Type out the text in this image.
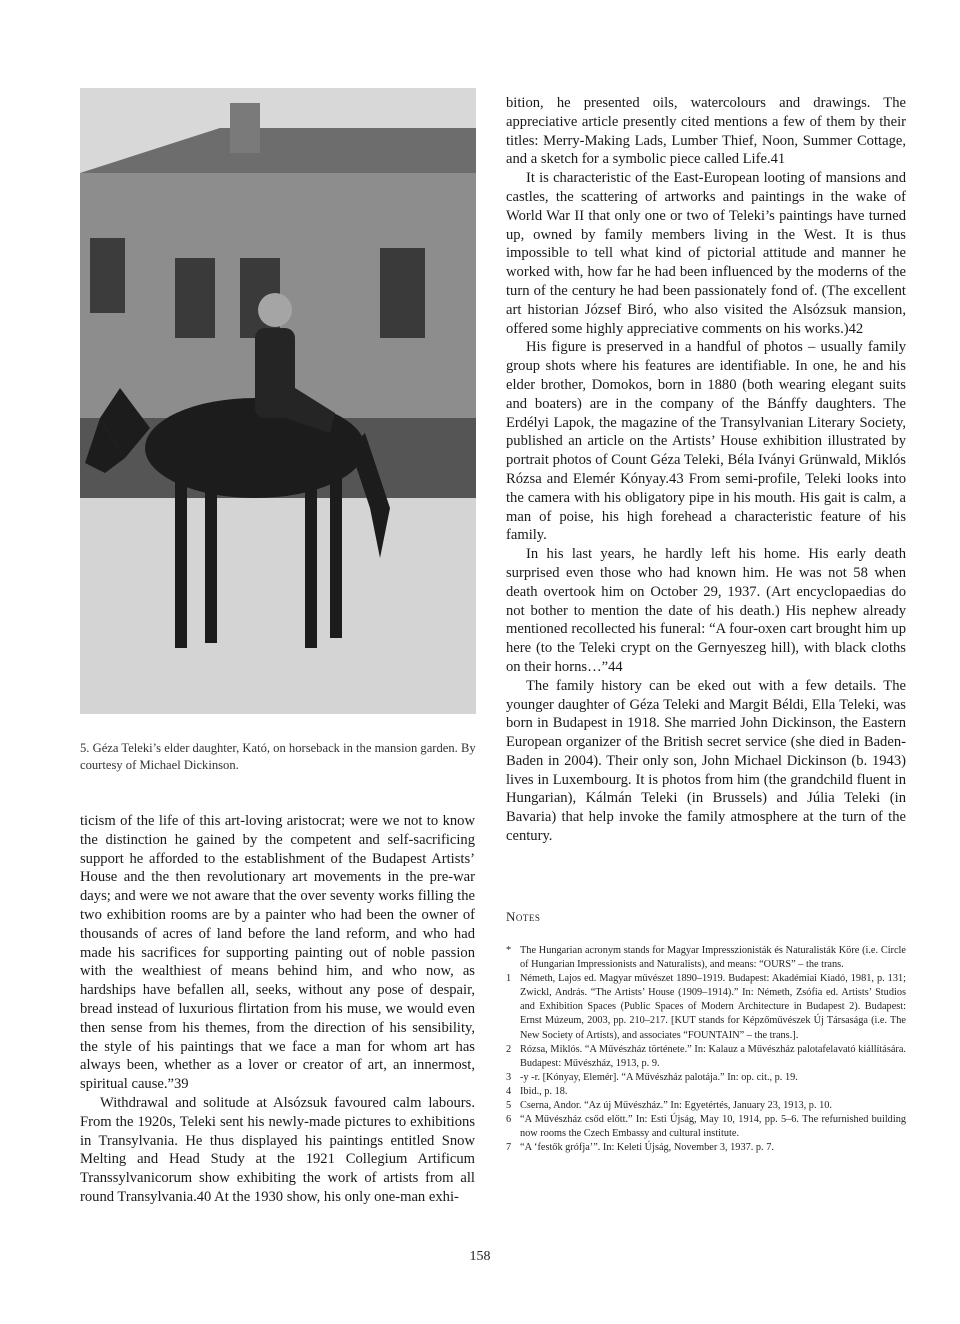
5. Géza Teleki’s elder daughter, Kató, on horseback in the mansion garden. By courtesy of Michael Dickinson.

ticism of the life of this art-loving aristocrat; were we not to know the distinction he gained by the competent and self-sacrificing support he afforded to the establishment of the Budapest Artists’ House and the then revolutionary art movements in the pre-war days; and were we not aware that the over seventy works filling the two exhibition rooms are by a painter who had been the owner of thousands of acres of land before the land reform, and who had made his sacrifices for supporting painting out of noble passion with the wealthiest of means behind him, and who now, as hardships have befallen all, seeks, without any pose of despair, bread instead of luxurious flirtation from his muse, we would even then sense from his themes, from the direction of his sensibility, the style of his paintings that we face a man for whom art has always been, whether as a lover or creator of art, an innermost, spiritual cause.”39

Withdrawal and solitude at Alsózsuk favoured calm labours. From the 1920s, Teleki sent his newly-made pictures to exhibitions in Transylvania. He thus displayed his paintings entitled Snow Melting and Head Study at the 1921 Collegium Artificum Transsylvanicorum show exhibiting the work of artists from all round Transylvania.40 At the 1930 show, his only one-man exhi-

bition, he presented oils, watercolours and drawings. The appreciative article presently cited mentions a few of them by their titles: Merry-Making Lads, Lumber Thief, Noon, Summer Cottage, and a sketch for a symbolic piece called Life.41

It is characteristic of the East-European looting of mansions and castles, the scattering of artworks and paintings in the wake of World War II that only one or two of Teleki’s paintings have turned up, owned by family members living in the West. It is thus impossible to tell what kind of pictorial attitude and manner he worked with, how far he had been influenced by the moderns of the turn of the century he had been passionately fond of. (The excellent art historian József Biró, who also visited the Alsózsuk mansion, offered some highly appreciative comments on his works.)42

His figure is preserved in a handful of photos – usually family group shots where his features are identifiable. In one, he and his elder brother, Domokos, born in 1880 (both wearing elegant suits and boaters) are in the company of the Bánffy daughters. The Erdélyi Lapok, the magazine of the Transylvanian Literary Society, published an article on the Artists’ House exhibition illustrated by portrait photos of Count Géza Teleki, Béla Iványi Grünwald, Miklós Rózsa and Elemér Kónyay.43 From semi-profile, Teleki looks into the camera with his obligatory pipe in his mouth. His gait is calm, a man of poise, his high forehead a characteristic feature of his family.

In his last years, he hardly left his home. His early death surprised even those who had known him. He was not 58 when death overtook him on October 29, 1937. (Art encyclopaedias do not bother to mention the date of his death.) His nephew already mentioned recollected his funeral: “A four-oxen cart brought him up here (to the Teleki crypt on the Gernyeszeg hill), with black cloths on their horns…”44

The family history can be eked out with a few details. The younger daughter of Géza Teleki and Margit Béldi, Ella Teleki, was born in Budapest in 1918. She married John Dickinson, the Eastern European organizer of the British secret service (she died in Baden-Baden in 2004). Their only son, John Michael Dickinson (b. 1943) lives in Luxembourg. It is photos from him (the grandchild fluent in Hungarian), Kálmán Teleki (in Brussels) and Júlia Teleki (in Bavaria) that help invoke the family atmosphere at the turn of the century.

Notes
* The Hungarian acronym stands for Magyar Impresszionisták és Naturalisták Köre (i.e. Circle of Hungarian Impressionists and Naturalists), and means: “OURS” – the trans.
1 Németh, Lajos ed. Magyar művészet 1890–1919. Budapest: Akadémiai Kiadó, 1981, p. 131; Zwickl, András. “The Artists’ House (1909–1914).” In: Németh, Zsófia ed. Artists’ Studios and Exhibition Spaces (Public Spaces of Modern Architecture in Budapest 2). Budapest: Ernst Múzeum, 2003, pp. 210–217. [KUT stands for Képzőművészek Új Társasága (i.e. The New Society of Artists), and associates “FOUNTAIN” – the trans.].
2 Rózsa, Miklós. “A Művészház története.” In: Kalauz a Művészház palotafelavató kiállítására. Budapest: Művészház, 1913, p. 9.
3 -y -r. [Kónyay, Elemér]. “A Művészház palotája.” In: op. cit., p. 19.
4 Ibid., p. 18.
5 Cserna, Andor. “Az új Művészház.” In: Egyetértés, January 23, 1913, p. 10.
6 “A Művészház csőd előtt.” In: Esti Újság, May 10, 1914, pp. 5–6. The refurnished building now rooms the Czech Embassy and cultural institute.
7 “A ‘festők grófja’”. In: Keleti Újság, November 3, 1937. p. 7.
158
